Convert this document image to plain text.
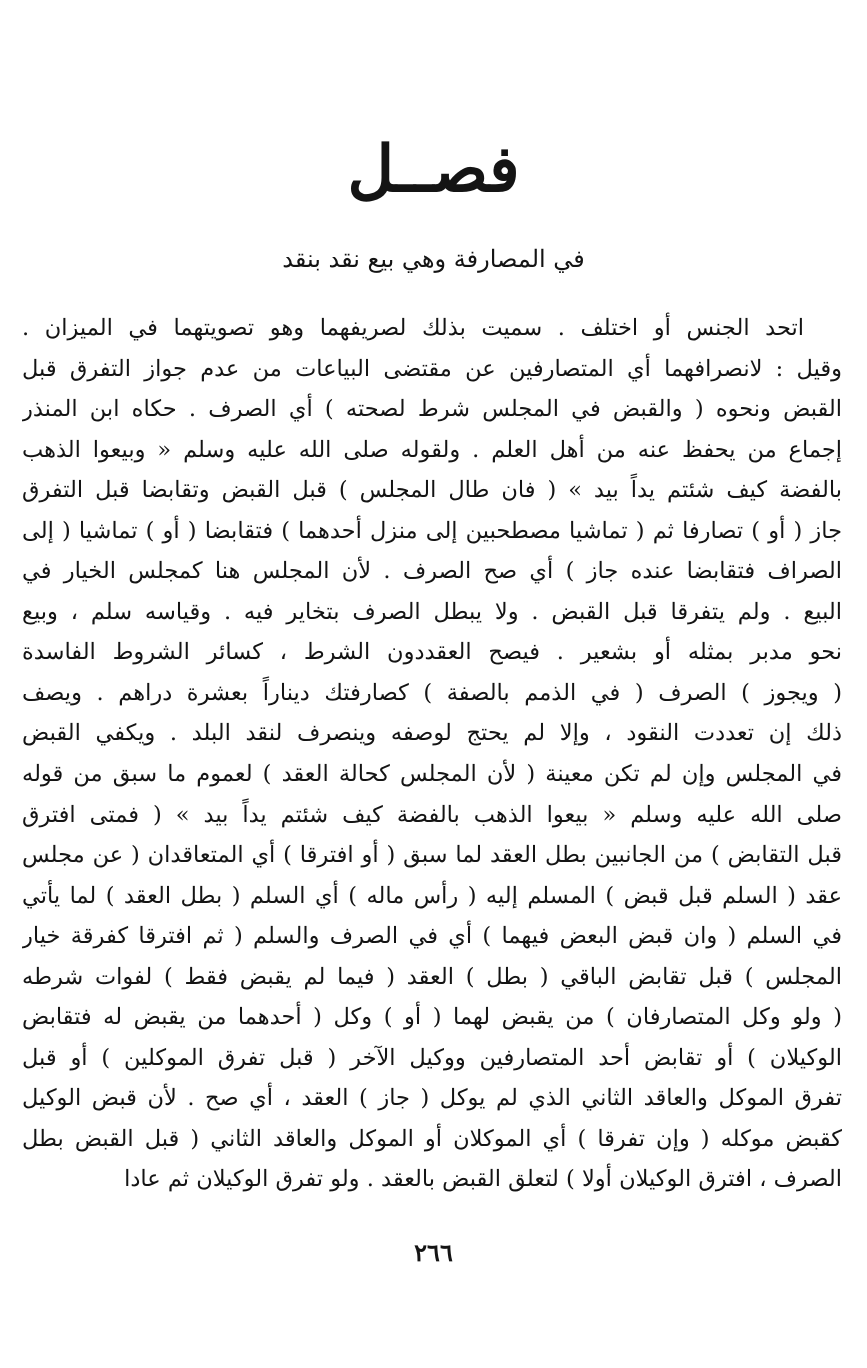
فصــل
في المصارفة وهي بيع نقد بنقد
اتحد الجنس أو اختلف . سميت بذلك لصريفهما وهو تصويتهما في الميزان .
وقيل : لانصرافهما أي المتصارفين عن مقتضى البياعات من عدم جواز التفرق قبل
القبض ونحوه ( والقبض في المجلس شرط لصحته ) أي الصرف . حكاه ابن المنذر
إجماع من يحفظ عنه من أهل العلم . ولقوله صلى الله عليه وسلم « وبيعوا الذهب
بالفضة كيف شئتم يداً بيد » ( فان طال المجلس ) قبل القبض وتقابضا قبل التفرق
جاز ( أو ) تصارفا ثم ( تماشيا مصطحبين إلى منزل أحدهما ) فتقابضا ( أو ) تماشيا ( إلى
الصراف فتقابضا عنده جاز ) أي صح الصرف . لأن المجلس هنا كمجلس الخيار في
البيع . ولم يتفرقا قبل القبض . ولا يبطل الصرف بتخاير فيه . وقياسه سلم ، وبيع
نحو مدبر بمثله أو بشعير . فيصح العقددون الشرط ، كسائر الشروط الفاسدة
( ويجوز ) الصرف ( في الذمم بالصفة ) كصارفتك ديناراً بعشرة دراهم . ويصف
ذلك إن تعددت النقود ، وإلا لم يحتج لوصفه وينصرف لنقد البلد . ويكفي القبض
في المجلس وإن لم تكن معينة ( لأن المجلس كحالة العقد ) لعموم ما سبق من قوله
صلى الله عليه وسلم « بيعوا الذهب بالفضة كيف شئتم يداً بيد » ( فمتى افترق
قبل التقابض ) من الجانبين بطل العقد لما سبق ( أو افترقا ) أي المتعاقدان ( عن مجلس
عقد ( السلم قبل قبض ) المسلم إليه ( رأس ماله ) أي السلم ( بطل العقد ) لما يأتي
في السلم ( وان قبض البعض فيهما ) أي في الصرف والسلم ( ثم افترقا كفرقة خيار
المجلس ) قبل تقابض الباقي ( بطل ) العقد ( فيما لم يقبض فقط ) لفوات شرطه
( ولو وكل المتصارفان ) من يقبض لهما ( أو ) وكل ( أحدهما من يقبض له فتقابض
الوكيلان ) أو تقابض أحد المتصارفين ووكيل الآخر ( قبل تفرق الموكلين ) أو قبل
تفرق الموكل والعاقد الثاني الذي لم يوكل ( جاز ) العقد ، أي صح . لأن قبض الوكيل
كقبض موكله ( وإن تفرقا ) أي الموكلان أو الموكل والعاقد الثاني ( قبل القبض بطل
الصرف ، افترق الوكيلان أولا ) لتعلق القبض بالعقد . ولو تفرق الوكيلان ثم عادا
٢٦٦
